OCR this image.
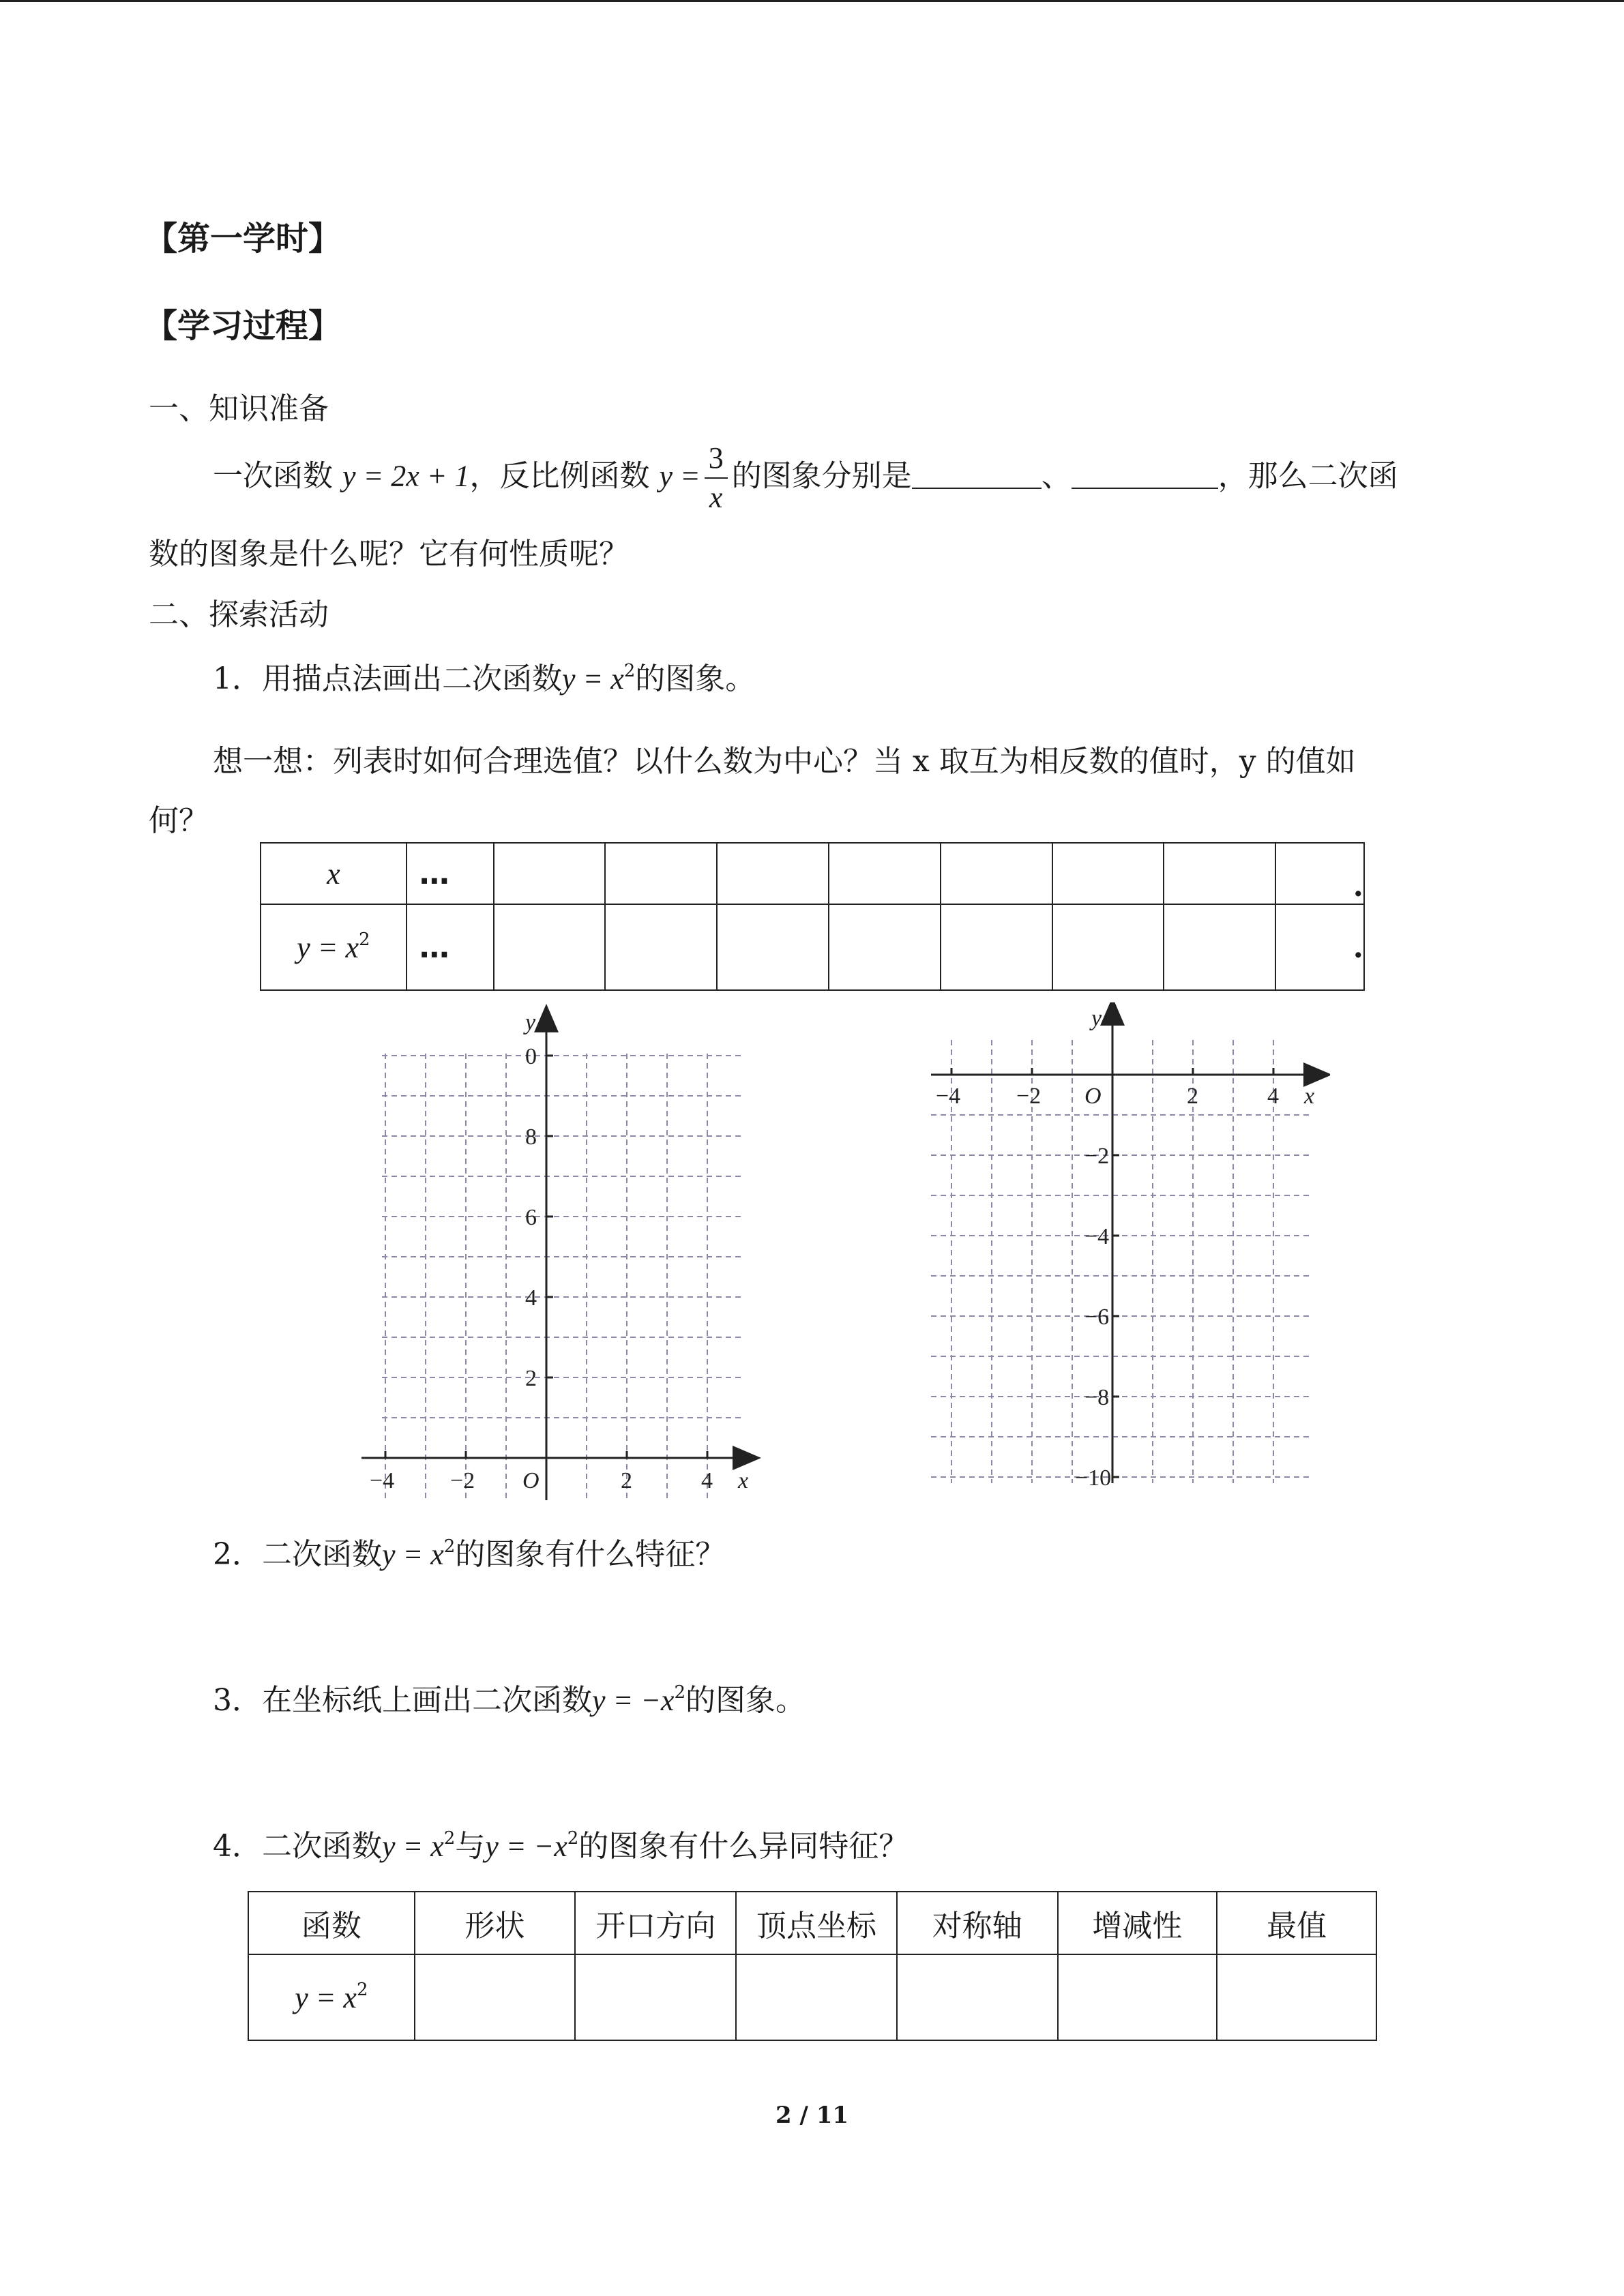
【第一学时】
【学习过程】
一、知识准备
一次函数 y = 2x + 1，反比例函数 $y = \frac{3}{x}$ 的图象分别是	、	，那么二次函
数的图象是什么呢？它有何性质呢？
二、探索活动
1．用描点法画出二次函数$y = x^2$的图象。
想一想：列表时如何合理选值？以什么数为中心？当 x 取互为相反数的值时，y 的值如
何？
x	…								.
$y = x^2$	…								.
−4 −2	2	4
0
8
6
4
2
O	x
y
−4 −2	2	4
−2
−4
−6
−8
−10
O	x
y
2．二次函数$y = x^2$的图象有什么特征？
3．在坐标纸上画出二次函数$y = -x^2$的图象。
4．二次函数$y = x^2$与$y = -x^2$的图象有什么异同特征？
函数	形状	开口方向	顶点坐标	对称轴	增减性	最值
$y = x^2$						
2 / 11
